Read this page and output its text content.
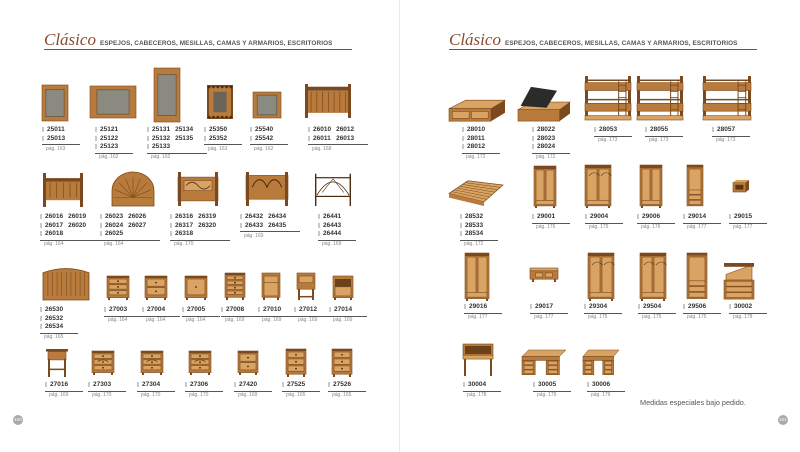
Clásico ESPEJOS, CABECEROS, MESILLAS, CAMAS Y ARMARIOS, ESCRITORIOS
100
Clásico ESPEJOS, CABECEROS, MESILLAS, CAMAS Y ARMARIOS, ESCRITORIOS
101
Medidas especiales bajo pedido.
25011
25013
pág. 163
25121
25122
25123
pág. 162
25131 25134
25132 25135
25133
pág. 162
25350
25352
pág. 163
25540
25542
pág. 162
26010 26012
26011 26013
pág. 168
26016 26019
26017 26020
26018
pág. 164
26023 26026
26024 26027
26025
pág. 164
26316 26319
26317 26320
26318
pág. 170
26432 26434
26433 26435
pág. 169
26441
26443
26444
pág. 169
26530
26532
26534
pág. 165
27003
pág. 164
27004
pág. 164
27005
pág. 164
27008
pág. 169
27010
pág. 169
27012
pág. 169
27014
pág. 169
27016
pág. 169
27303
pág. 170
27304
pág. 170
27306
pág. 170
27420
pág. 169
27525
pág. 165
27526
pág. 165
28010
28011
28012
pág. 172
28022
28023
28024
pág. 172
28053
pág. 173
28055
pág. 173
28057
pág. 173
28532
28533
28534
pág. 172
29001
pág. 176
29004
pág. 175
29006
pág. 176
29014
pág. 177
29015
pág. 177
29016
pág. 177
29017
pág. 177
29304
pág. 175
29504
pág. 175
29506
pág. 175
30002
pág. 178
30004
pág. 178
30005
pág. 179
30006
pág. 179
